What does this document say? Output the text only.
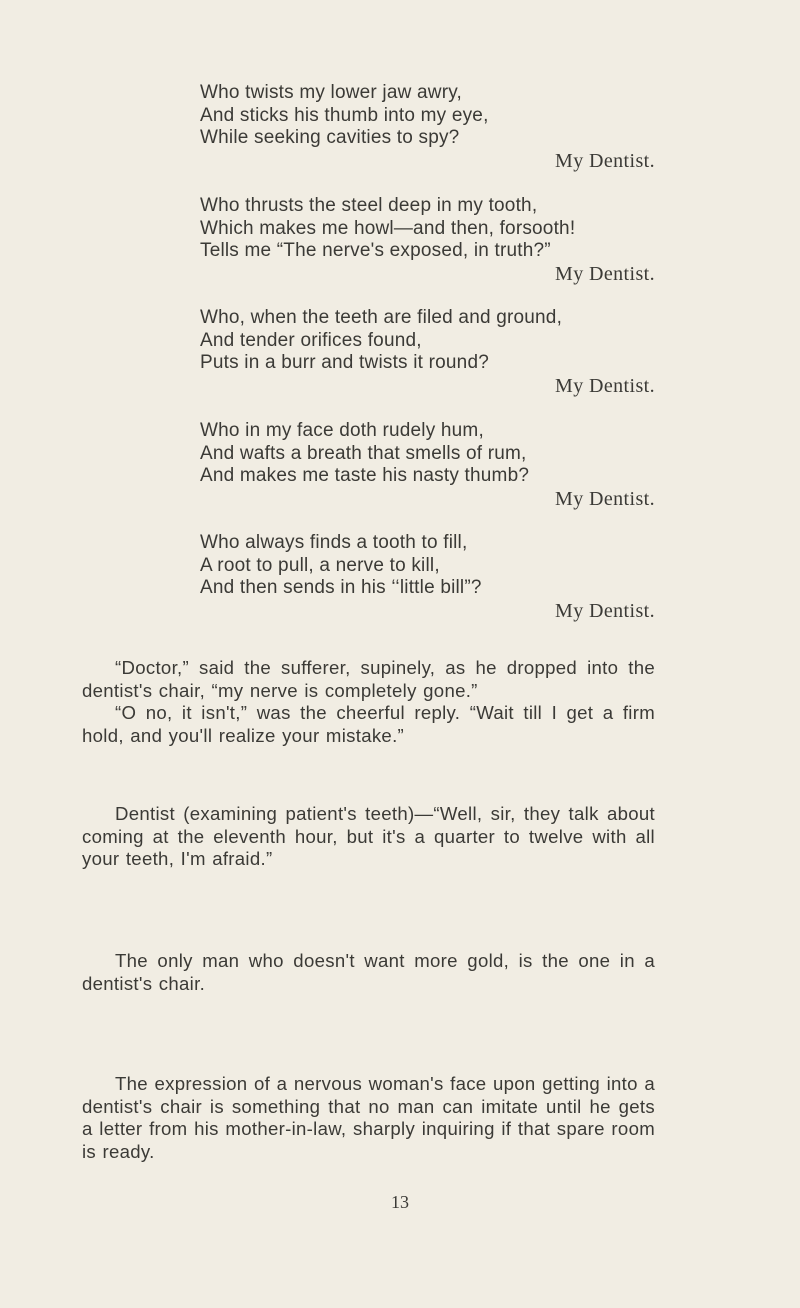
Who twists my lower jaw awry,
And sticks his thumb into my eye,
While seeking cavities to spy?
My Dentist.
Who thrusts the steel deep in my tooth,
Which makes me howl—and then, forsooth!
Tells me “The nerve's exposed, in truth?”
My Dentist.
Who, when the teeth are filed and ground,
And tender orifices found,
Puts in a burr and twists it round?
My Dentist.
Who in my face doth rudely hum,
And wafts a breath that smells of rum,
And makes me taste his nasty thumb?
My Dentist.
Who always finds a tooth to fill,
A root to pull, a nerve to kill,
And then sends in his ‘‘little bill”?
My Dentist.

“Doctor,” said the sufferer, supinely, as he dropped into the dentist's chair, “my nerve is completely gone.”

“O no, it isn't,” was the cheerful reply. “Wait till I get a firm hold, and you'll realize your mistake.”

Dentist (examining patient's teeth)—“Well, sir, they talk about coming at the eleventh hour, but it's a quarter to twelve with all your teeth, I'm afraid.”

The only man who doesn't want more gold, is the one in a dentist's chair.

The expression of a nervous woman's face upon getting into a dentist's chair is something that no man can imitate until he gets a letter from his mother-in-law, sharply inquiring if that spare room is ready.

13
